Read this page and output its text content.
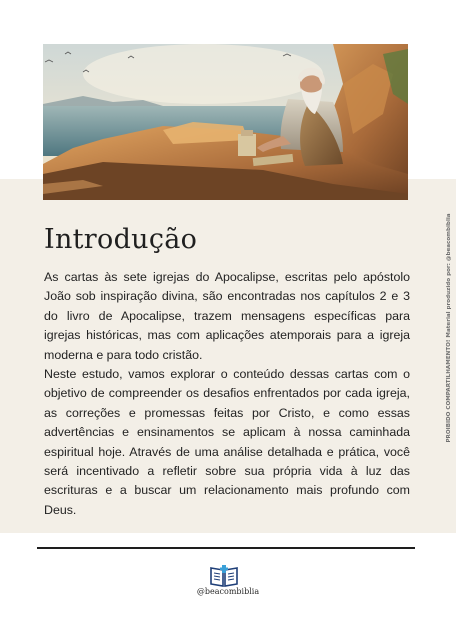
Introdução

As cartas às sete igrejas do Apocalipse, escritas pelo apóstolo João sob inspiração divina, são encontradas nos capítulos 2 e 3 do livro de Apocalipse, trazem mensagens específicas para igrejas históricas, mas com aplicações atemporais para a igreja moderna e para todo cristão.

Neste estudo, vamos explorar o conteúdo dessas cartas com o objetivo de compreender os desafios enfrentados por cada igreja, as correções e promessas feitas por Cristo, e como essas advertências e ensinamentos se aplicam à nossa caminhada espiritual hoje. Através de uma análise detalhada e prática, você será incentivado a refletir sobre sua própria vida à luz das escrituras e a buscar um relacionamento mais profundo com Deus.

@beacombiblia
PROIBIDO COMPARTILHAMENTO! Material produzido por: @beacombiblia
